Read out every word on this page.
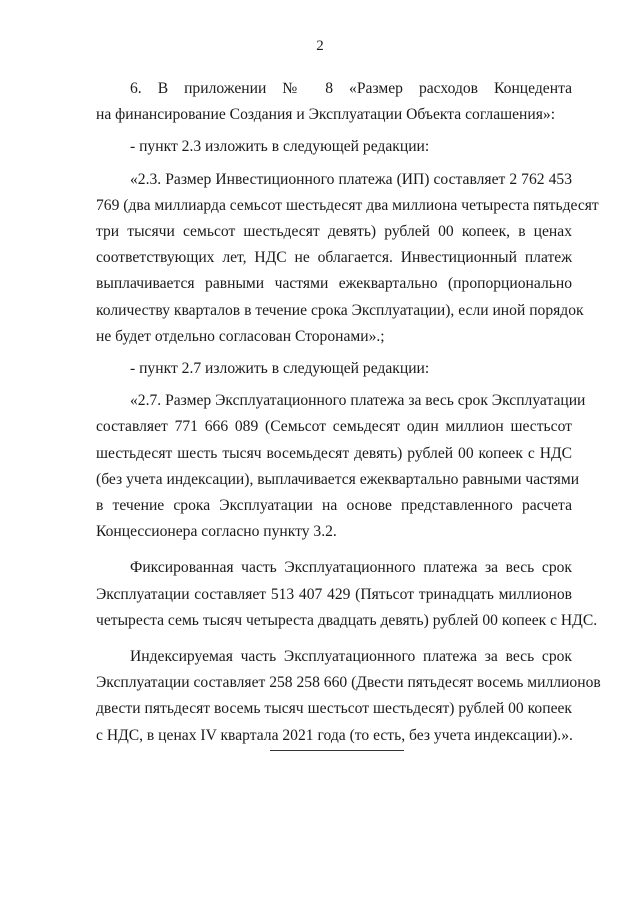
2

6. В приложении № 8 «Размер расходов Концедента
на финансирование Создания и Эксплуатации Объекта соглашения»:

- пункт 2.3 изложить в следующей редакции:

«2.3. Размер Инвестиционного платежа (ИП) составляет 2 762 453
769 (два миллиарда семьсот шестьдесят два миллиона четыреста пятьдесят
три тысячи семьсот шестьдесят девять) рублей 00 копеек, в ценах
соответствующих лет, НДС не облагается. Инвестиционный платеж
выплачивается равными частями ежеквартально (пропорционально
количеству кварталов в течение срока Эксплуатации), если иной порядок
не будет отдельно согласован Сторонами».;

- пункт 2.7 изложить в следующей редакции:

«2.7. Размер Эксплуатационного платежа за весь срок Эксплуатации
составляет 771 666 089 (Семьсот семьдесят один миллион шестьсот
шестьдесят шесть тысяч восемьдесят девять) рублей 00 копеек с НДС
(без учета индексации), выплачивается ежеквартально равными частями
в течение срока Эксплуатации на основе представленного расчета
Концессионера согласно пункту 3.2.

Фиксированная часть Эксплуатационного платежа за весь срок
Эксплуатации составляет 513 407 429 (Пятьсот тринадцать миллионов
четыреста семь тысяч четыреста двадцать девять) рублей 00 копеек с НДС.

Индексируемая часть Эксплуатационного платежа за весь срок
Эксплуатации составляет 258 258 660 (Двести пятьдесят восемь миллионов
двести пятьдесят восемь тысяч шестьсот шестьдесят) рублей 00 копеек
с НДС, в ценах IV квартала 2021 года (то есть, без учета индексации).».
